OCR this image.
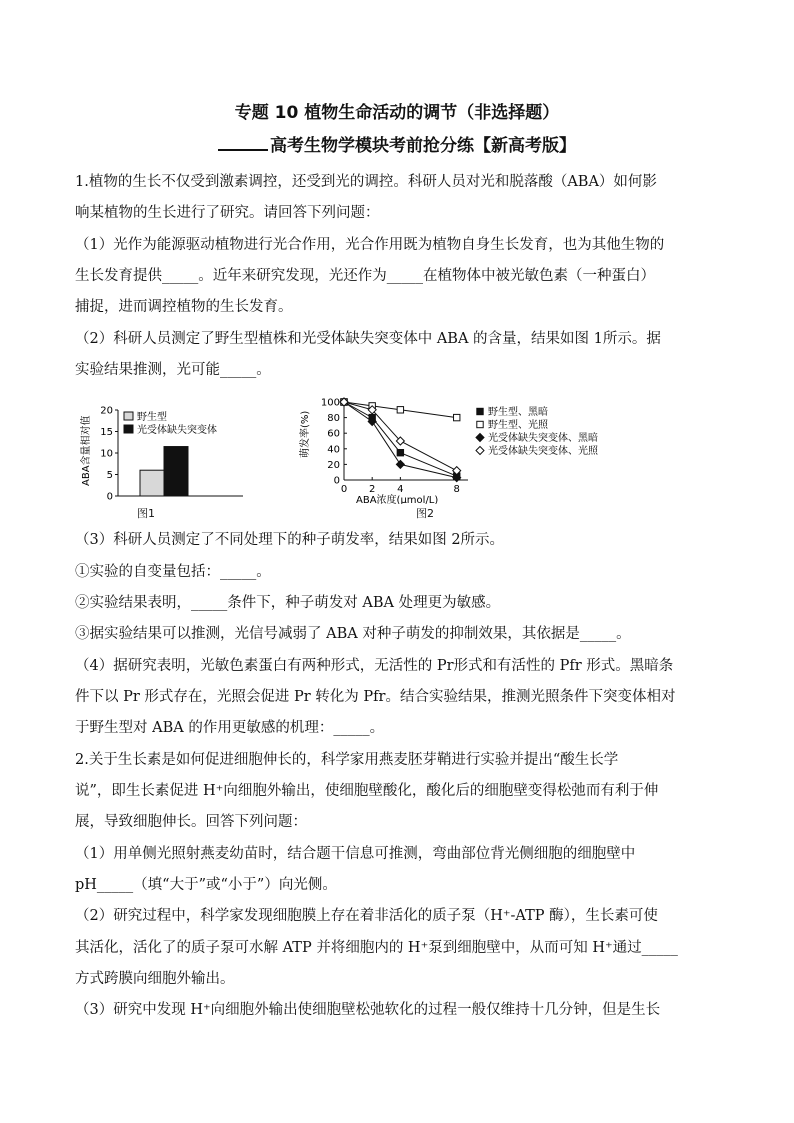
专题 10 植物生命活动的调节（非选择题）
高考生物学模块考前抢分练【新高考版】
1.植物的生长不仅受到激素调控，还受到光的调控。科研人员对光和脱落酸（ABA）如何影
响某植物的生长进行了研究。请回答下列问题：
（1）光作为能源驱动植物进行光合作用，光合作用既为植物自身生长发育，也为其他生物的
生长发育提供_____。近年来研究发现，光还作为_____在植物体中被光敏色素（一种蛋白）
捕捉，进而调控植物的生长发育。
（2）科研人员测定了野生型植株和光受体缺失突变体中 ABA 的含量，结果如图 1所示。据
实验结果推测，光可能_____。
0
5
10
15
20
野生型
光受体缺失突变体
ABA含量相对值
图1
0
20
40
60
80
100
0 2 4	8
野生型、黑暗
野生型、光照
光受体缺失突变体、黑暗
光受体缺失突变体、光照
萌发率(%)
ABA浓度(μmol/L)
图2
（3）科研人员测定了不同处理下的种子萌发率，结果如图 2所示。
①实验的自变量包括：_____。
②实验结果表明，_____条件下，种子萌发对 ABA 处理更为敏感。
③据实验结果可以推测，光信号减弱了 ABA 对种子萌发的抑制效果，其依据是_____。
（4）据研究表明，光敏色素蛋白有两种形式，无活性的 Pr形式和有活性的 Pfr 形式。黑暗条
件下以 Pr 形式存在，光照会促进 Pr 转化为 Pfr。结合实验结果，推测光照条件下突变体相对
于野生型对 ABA 的作用更敏感的机理：_____。
2.关于生长素是如何促进细胞伸长的，科学家用燕麦胚芽鞘进行实验并提出“酸生长学
说”，即生长素促进 H⁺向细胞外输出，使细胞壁酸化，酸化后的细胞壁变得松弛而有利于伸
展，导致细胞伸长。回答下列问题：
（1）用单侧光照射燕麦幼苗时，结合题干信息可推测，弯曲部位背光侧细胞的细胞壁中
pH_____（填“大于”或“小于”）向光侧。
（2）研究过程中，科学家发现细胞膜上存在着非活化的质子泵（H⁺-ATP 酶），生长素可使
其活化，活化了的质子泵可水解 ATP 并将细胞内的 H⁺泵到细胞壁中，从而可知 H⁺通过_____
方式跨膜向细胞外输出。
（3）研究中发现 H⁺向细胞外输出使细胞壁松弛软化的过程一般仅维持十几分钟，但是生长
